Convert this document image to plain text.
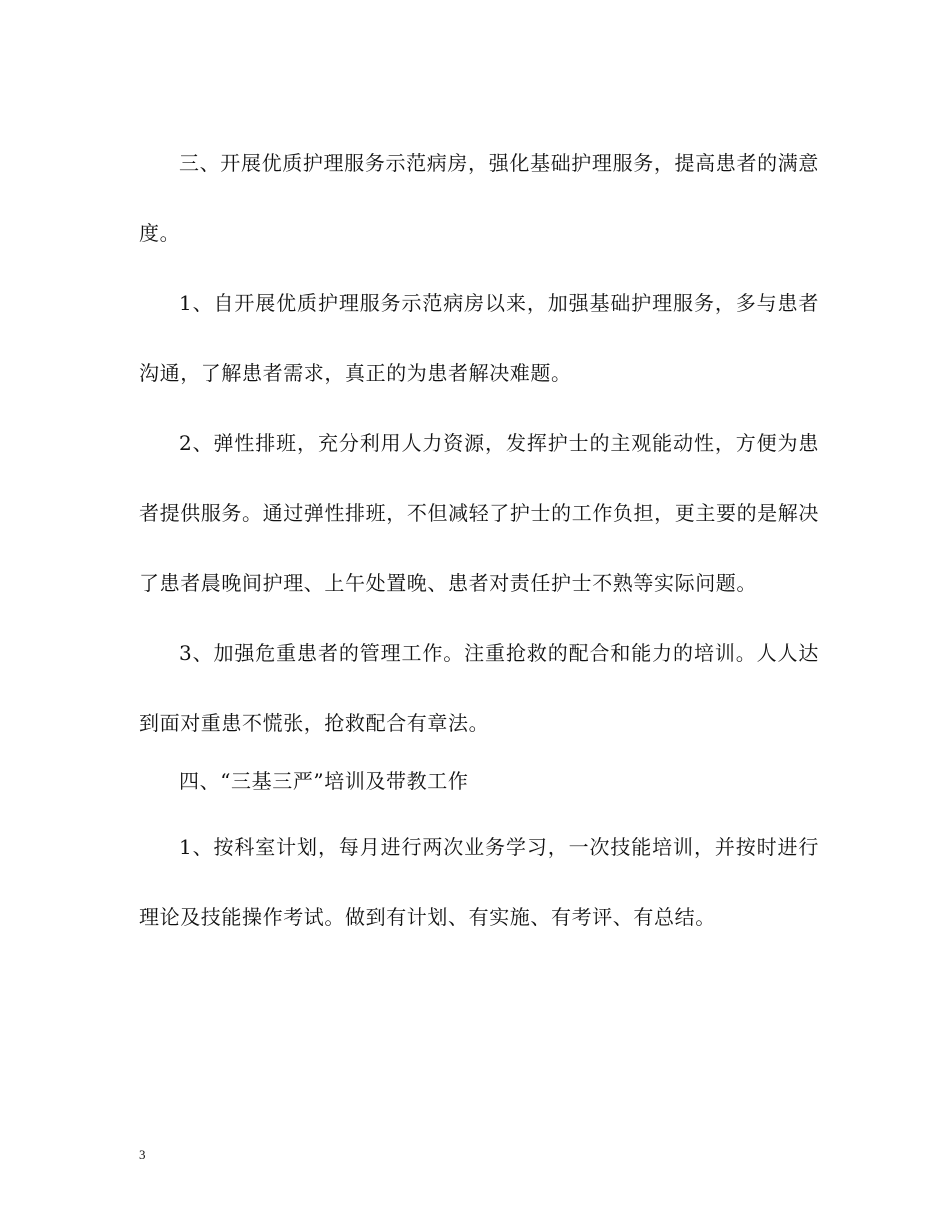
三、开展优质护理服务示范病房，强化基础护理服务，提高患者的满意度。

1、自开展优质护理服务示范病房以来，加强基础护理服务，多与患者沟通，了解患者需求，真正的为患者解决难题。

2、弹性排班，充分利用人力资源，发挥护士的主观能动性，方便为患者提供服务。通过弹性排班，不但减轻了护士的工作负担，更主要的是解决了患者晨晚间护理、上午处置晚、患者对责任护士不熟等实际问题。

3、加强危重患者的管理工作。注重抢救的配合和能力的培训。人人达到面对重患不慌张，抢救配合有章法。

四、“三基三严”培训及带教工作

1、按科室计划，每月进行两次业务学习，一次技能培训，并按时进行理论及技能操作考试。做到有计划、有实施、有考评、有总结。

3
